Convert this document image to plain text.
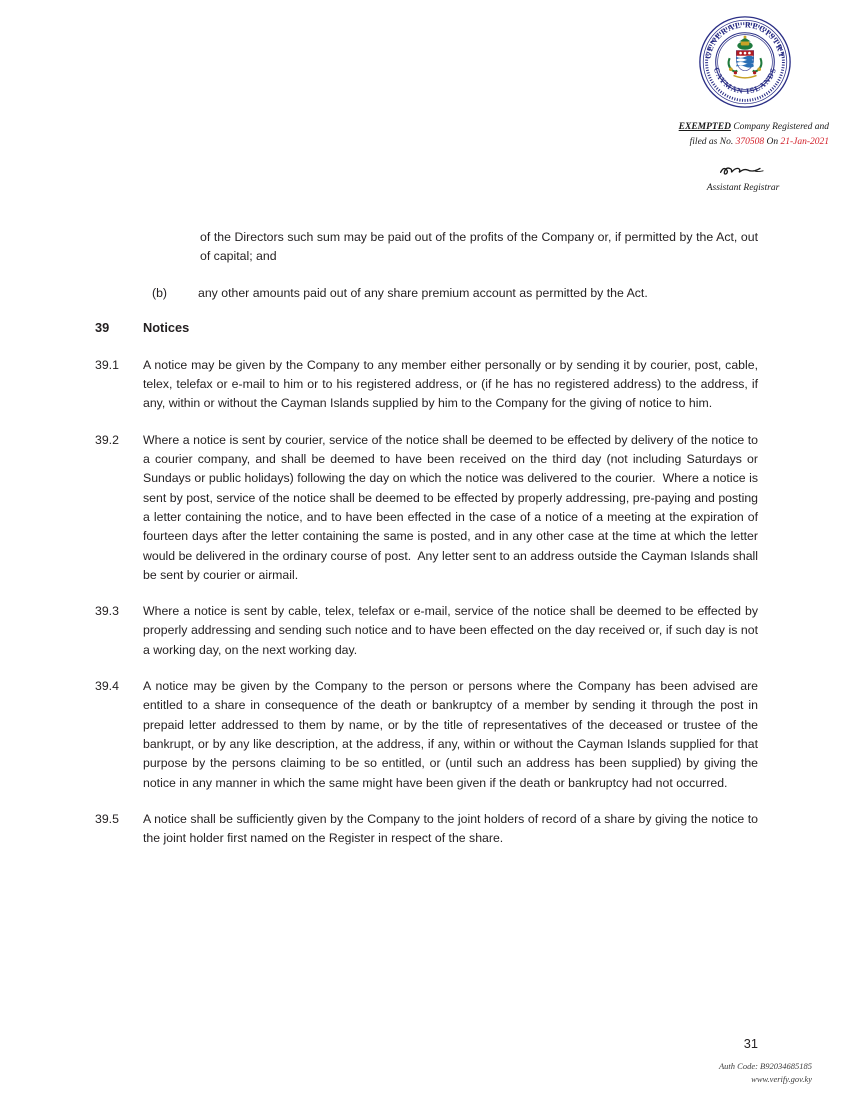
GENERAL REGISTRY
CAYMAN ISLANDS
EXEMPTED Company Registered and
filed as No. 370508 On 21-Jan-2021
Assistant Registrar
of the Directors such sum may be paid out of the profits of the Company or, if permitted by the Act, out of capital; and
(b)	any other amounts paid out of any share premium account as permitted by the Act.
39	Notices
39.1	A notice may be given by the Company to any member either personally or by sending it by courier, post, cable, telex, telefax or e-mail to him or to his registered address, or (if he has no registered address) to the address, if any, within or without the Cayman Islands supplied by him to the Company for the giving of notice to him.
39.2	Where a notice is sent by courier, service of the notice shall be deemed to be effected by delivery of the notice to a courier company, and shall be deemed to have been received on the third day (not including Saturdays or Sundays or public holidays) following the day on which the notice was delivered to the courier.  Where a notice is sent by post, service of the notice shall be deemed to be effected by properly addressing, pre-paying and posting a letter containing the notice, and to have been effected in the case of a notice of a meeting at the expiration of fourteen days after the letter containing the same is posted, and in any other case at the time at which the letter would be delivered in the ordinary course of post.  Any letter sent to an address outside the Cayman Islands shall be sent by courier or airmail.
39.3	Where a notice is sent by cable, telex, telefax or e-mail, service of the notice shall be deemed to be effected by properly addressing and sending such notice and to have been effected on the day received or, if such day is not a working day, on the next working day.
39.4	A notice may be given by the Company to the person or persons where the Company has been advised are entitled to a share in consequence of the death or bankruptcy of a member by sending it through the post in prepaid letter addressed to them by name, or by the title of representatives of the deceased or trustee of the bankrupt, or by any like description, at the address, if any, within or without the Cayman Islands supplied for that purpose by the persons claiming to be so entitled, or (until such an address has been supplied) by giving the notice in any manner in which the same might have been given if the death or bankruptcy had not occurred.
39.5	A notice shall be sufficiently given by the Company to the joint holders of record of a share by giving the notice to the joint holder first named on the Register in respect of the share.
31
Auth Code: B92034685185
www.verify.gov.ky
